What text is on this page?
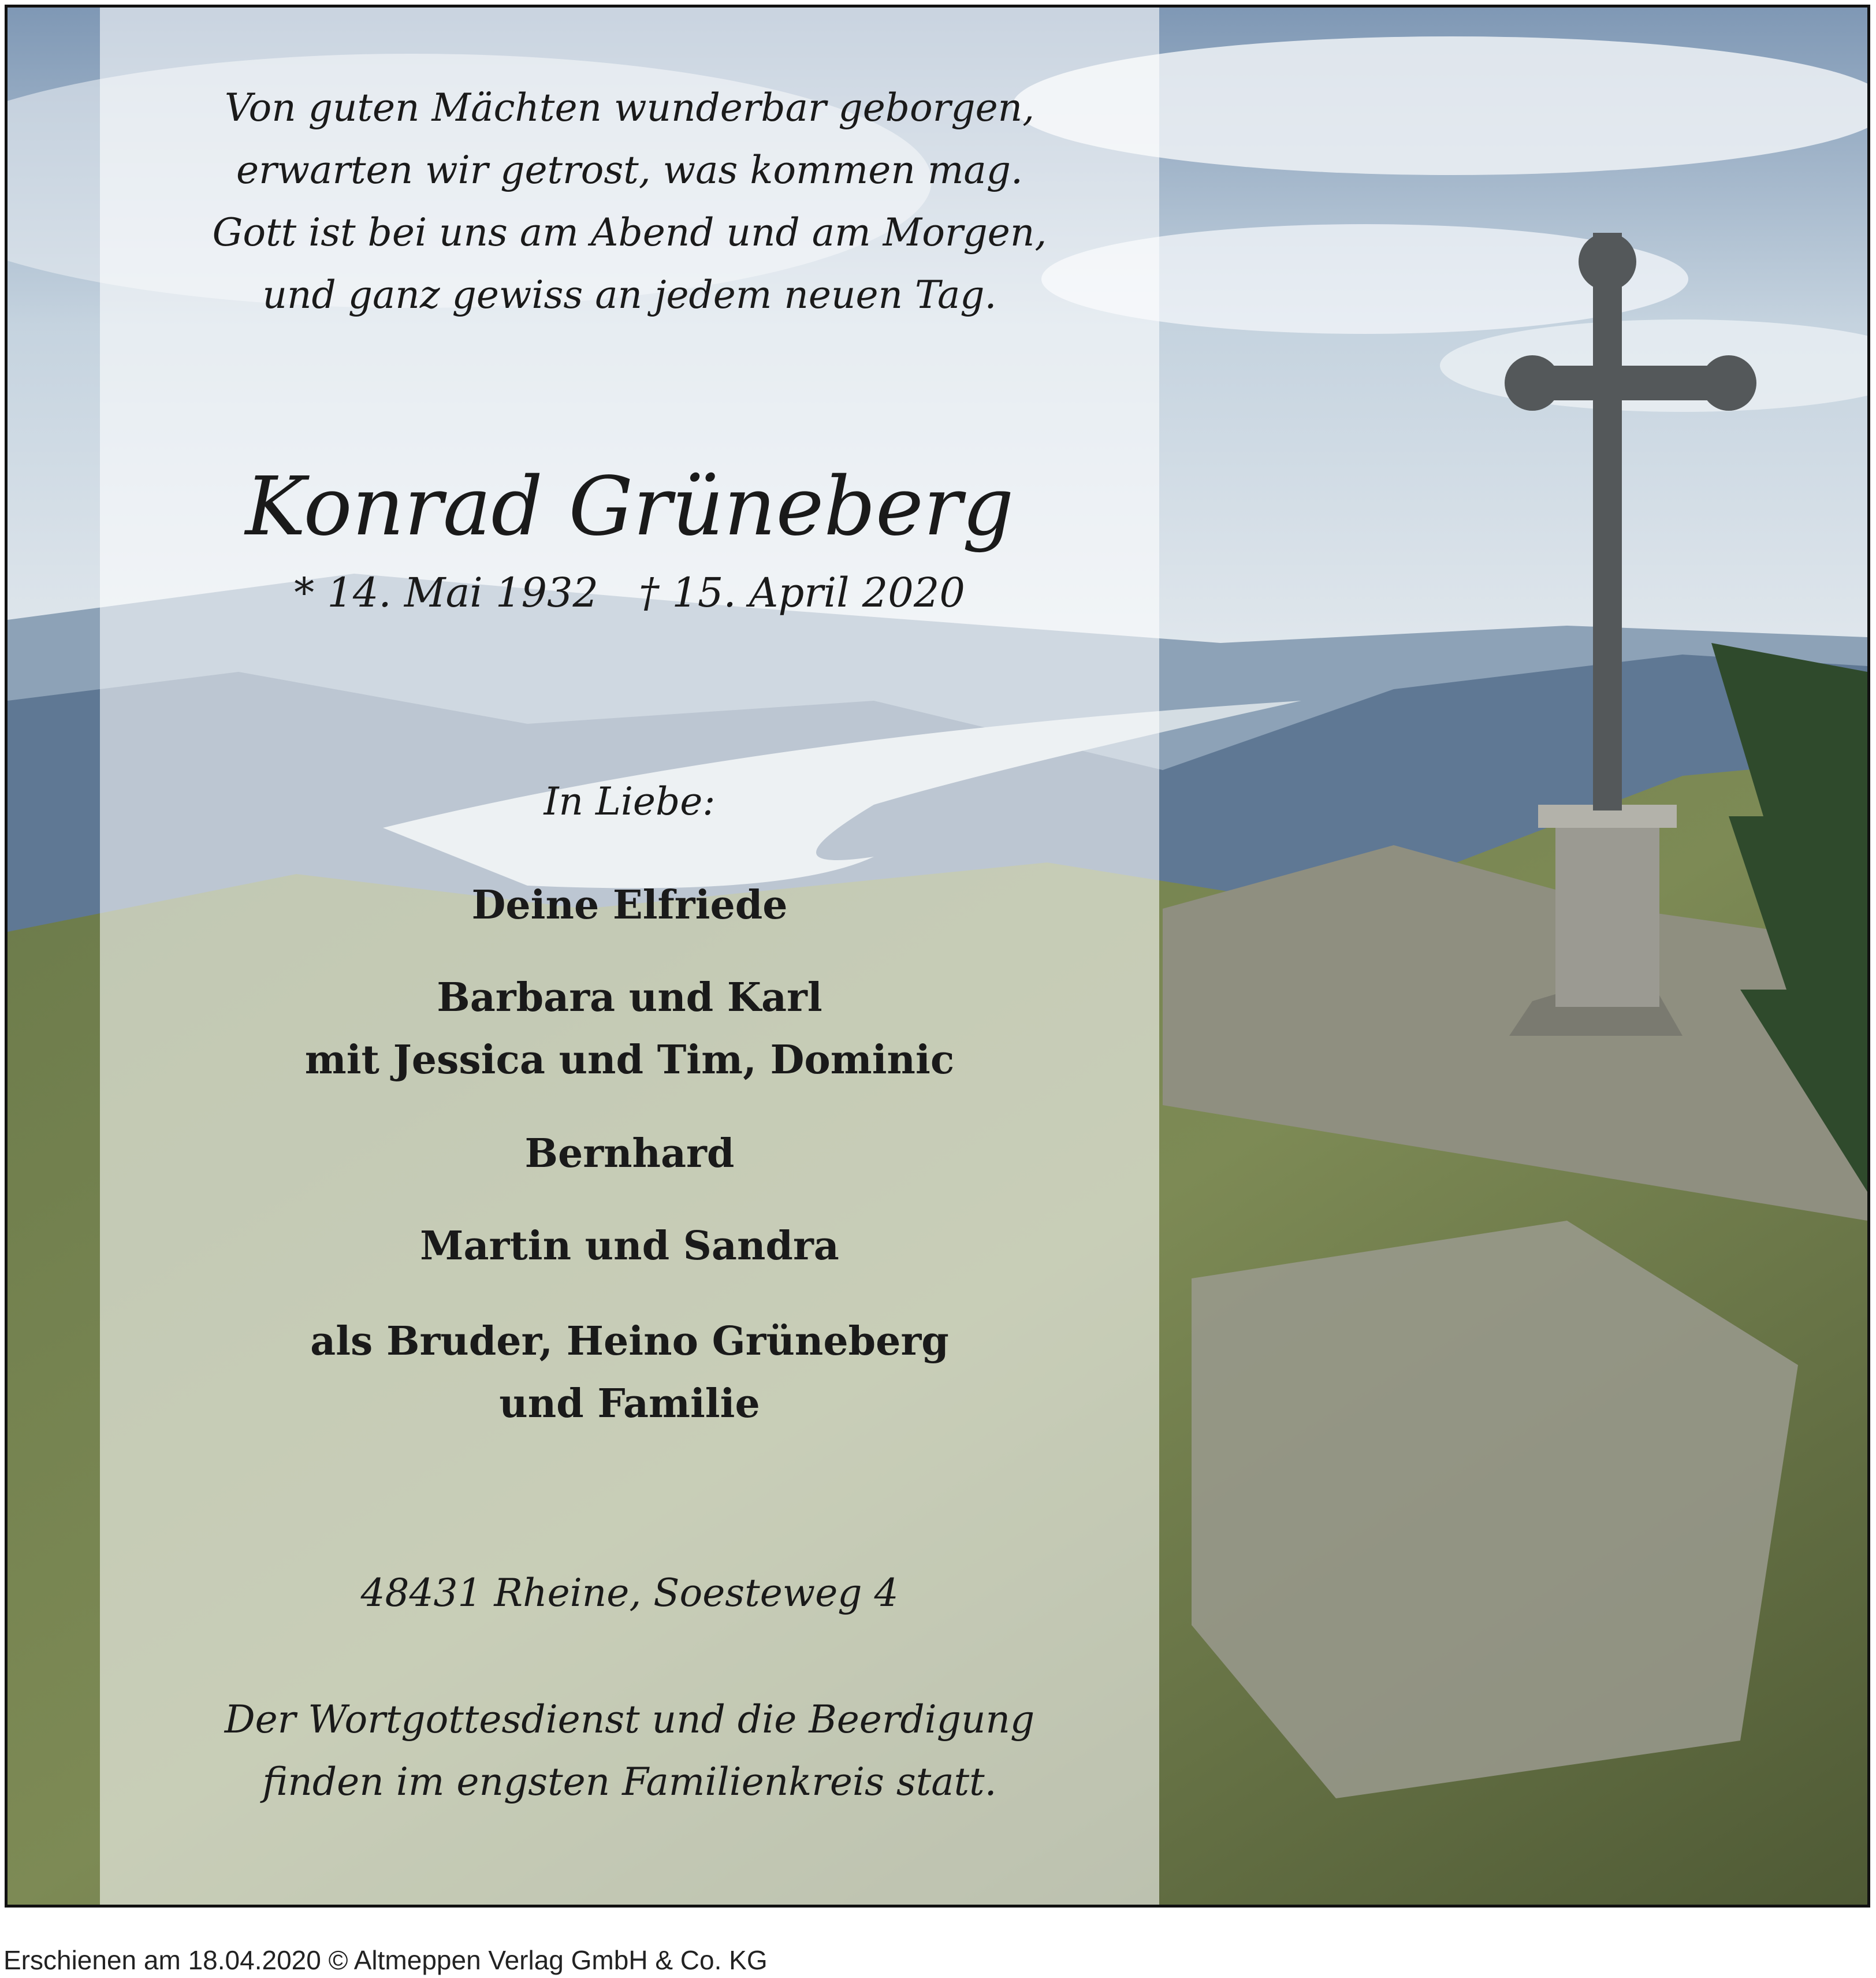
Von guten Mächten wunderbar geborgen,
erwarten wir getrost, was kommen mag.
Gott ist bei uns am Abend und am Morgen,
und ganz gewiss an jedem neuen Tag.
Konrad Grüneberg
* 14. Mai 1932 † 15. April 2020
In Liebe:
Deine Elfriede
Barbara und Karl
mit Jessica und Tim, Dominic
Bernhard
Martin und Sandra
als Bruder, Heino Grüneberg
und Familie
48431 Rheine, Soesteweg 4
Der Wortgottesdienst und die Beerdigung
finden im engsten Familienkreis statt.
Erschienen am 18.04.2020 © Altmeppen Verlag GmbH & Co. KG
